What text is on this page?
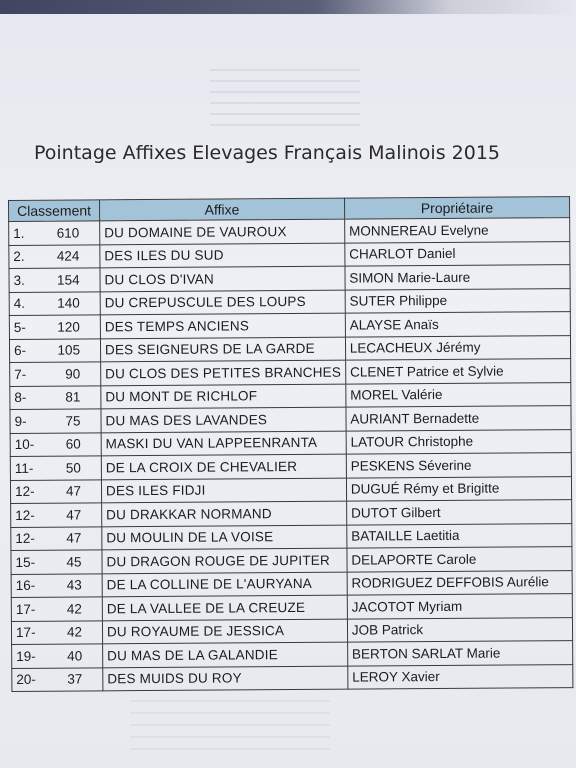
Pointage Affixes Elevages Français Malinois 2015
Classement	Affixe	Propriétaire
1. 610	DU DOMAINE DE VAUROUX	MONNEREAU Evelyne
2. 424	DES ILES DU SUD	CHARLOT Daniel
3. 154	DU CLOS D'IVAN	SIMON Marie-Laure
4. 140	DU CREPUSCULE DES LOUPS	SUTER Philippe
5- 120	DES TEMPS ANCIENS	ALAYSE Anaïs
6- 105	DES SEIGNEURS DE LA GARDE	LECACHEUX Jérémy
7- 90	DU CLOS DES PETITES BRANCHES	CLENET Patrice et Sylvie
8- 81	DU MONT DE RICHLOF	MOREL Valérie
9- 75	DU MAS DES LAVANDES	AURIANT Bernadette
10- 60	MASKI DU VAN LAPPEENRANTA	LATOUR Christophe
11- 50	DE LA CROIX DE CHEVALIER	PESKENS Séverine
12- 47	DES ILES FIDJI	DUGUÉ Rémy et Brigitte
12- 47	DU DRAKKAR NORMAND	DUTOT Gilbert
12- 47	DU MOULIN DE LA VOISE	BATAILLE Laetitia
15- 45	DU DRAGON ROUGE DE JUPITER	DELAPORTE Carole
16- 43	DE LA COLLINE DE L'AURYANA	RODRIGUEZ DEFFOBIS Aurélie
17- 42	DE LA VALLEE DE LA CREUZE	JACOTOT Myriam
17- 42	DU ROYAUME DE JESSICA	JOB Patrick
19- 40	DU MAS DE LA GALANDIE	BERTON SARLAT Marie
20- 37	DES MUIDS DU ROY	LEROY Xavier
